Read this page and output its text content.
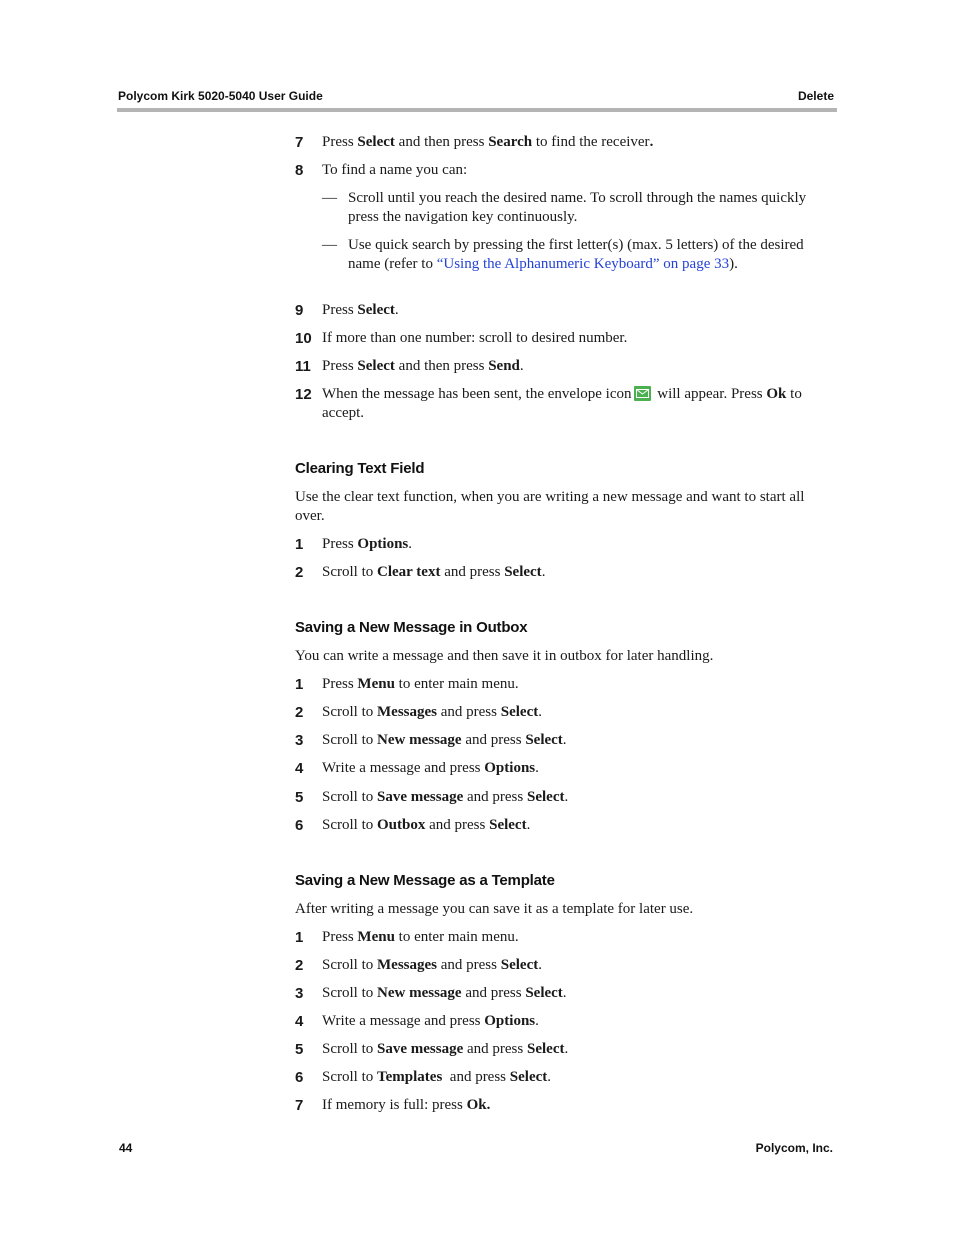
Polycom Kirk 5020-5040 User Guide	Delete
7 Press Select and then press Search to find the receiver.
8 To find a name you can:
— Scroll until you reach the desired name. To scroll through the names quickly press the navigation key continuously.
— Use quick search by pressing the first letter(s) (max. 5 letters) of the desired name (refer to “Using the Alphanumeric Keyboard” on page 33).
9 Press Select.
10 If more than one number: scroll to desired number.
11 Press Select and then press Send.
12 When the message has been sent, the envelope icon
will appear. Press Ok to accept.
Clearing Text Field
Use the clear text function, when you are writing a new message and want to start all over.
1 Press Options.
2 Scroll to Clear text and press Select.
Saving a New Message in Outbox
You can write a message and then save it in outbox for later handling.
1 Press Menu to enter main menu.
2 Scroll to Messages and press Select.
3 Scroll to New message and press Select.
4 Write a message and press Options.
5 Scroll to Save message and press Select.
6 Scroll to Outbox and press Select.
Saving a New Message as a Template
After writing a message you can save it as a template for later use.
1 Press Menu to enter main menu.
2 Scroll to Messages and press Select.
3 Scroll to New message and press Select.
4 Write a message and press Options.
5 Scroll to Save message and press Select.
6 Scroll to Templates  and press Select.
7 If memory is full: press Ok.
44	Polycom, Inc.
